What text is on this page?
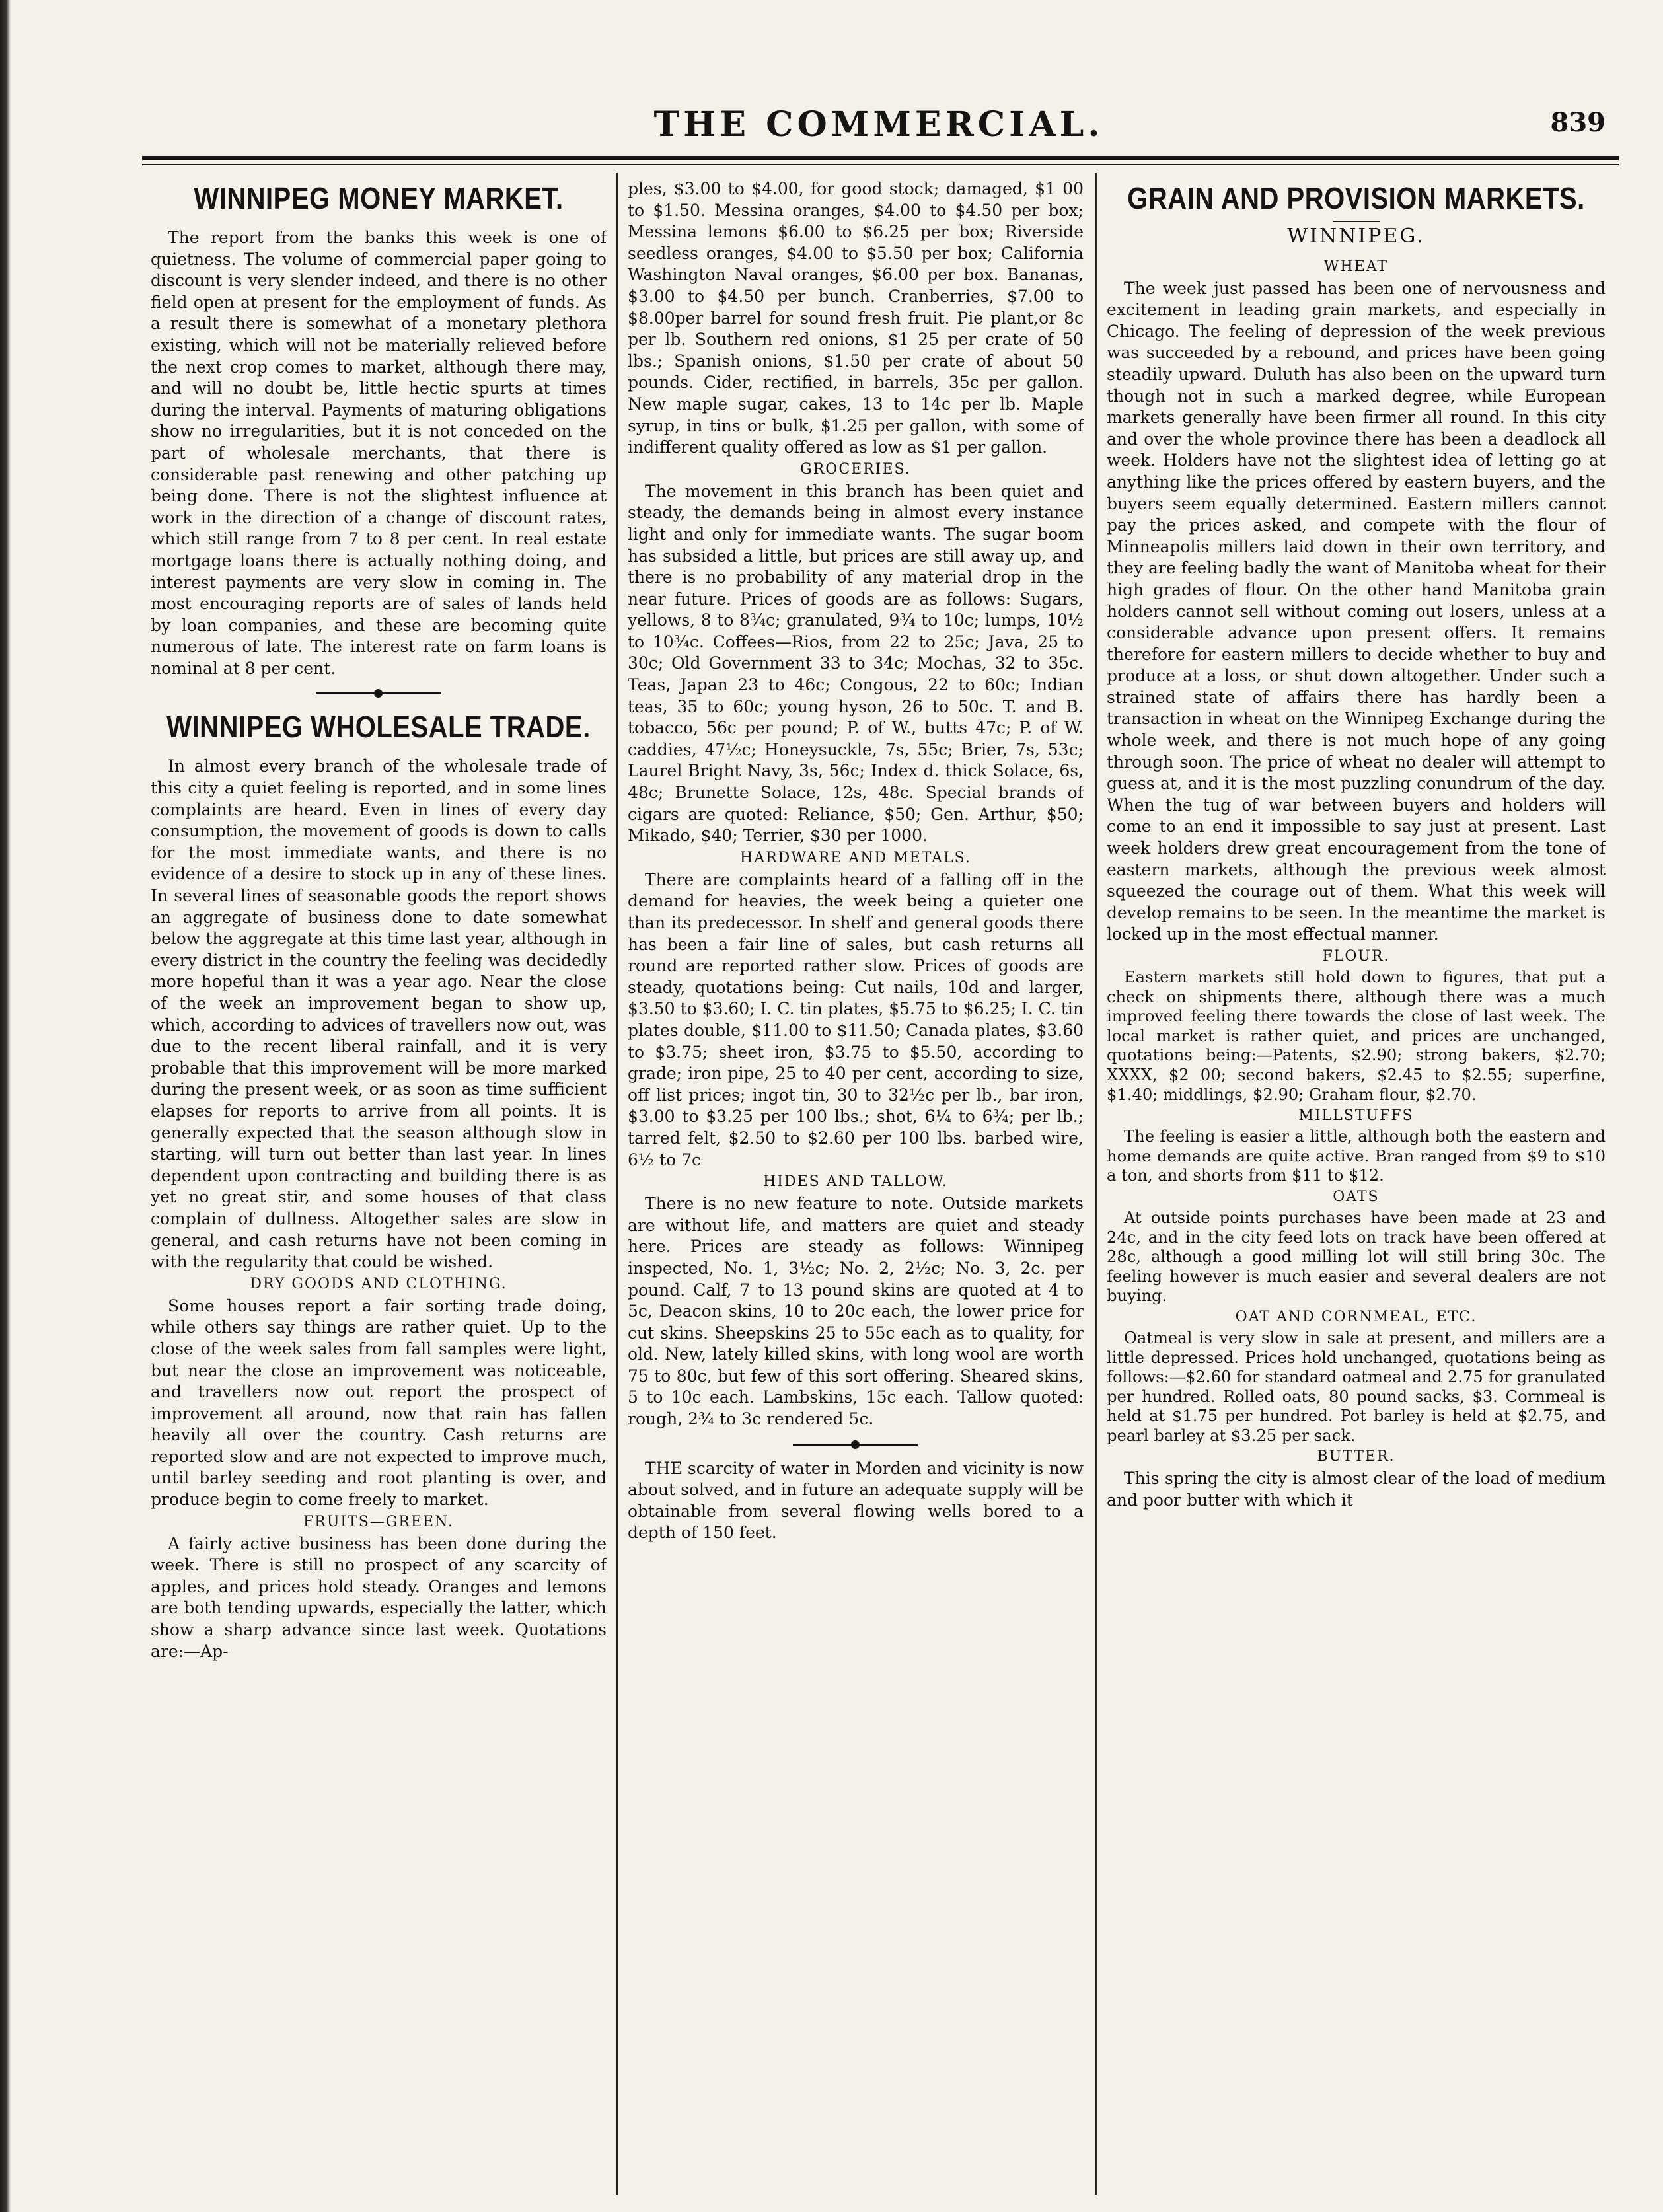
THE COMMERCIAL.	839
WINNIPEG MONEY MARKET.

The report from the banks this week is one of quietness. The volume of commercial paper going to discount is very slender indeed, and there is no other field open at present for the employment of funds. As a result there is somewhat of a monetary plethora existing, which will not be materially relieved before the next crop comes to market, although there may, and will no doubt be, little hectic spurts at times during the interval. Payments of maturing obligations show no irregularities, but it is not conceded on the part of wholesale merchants, that there is considerable past renewing and other patching up being done. There is not the slightest influence at work in the direction of a change of discount rates, which still range from 7 to 8 per cent. In real estate mortgage loans there is actually nothing doing, and interest payments are very slow in coming in. The most encouraging reports are of sales of lands held by loan companies, and these are becoming quite numerous of late. The interest rate on farm loans is nominal at 8 per cent.

WINNIPEG WHOLESALE TRADE.

In almost every branch of the wholesale trade of this city a quiet feeling is reported, and in some lines complaints are heard. Even in lines of every day consumption, the movement of goods is down to calls for the most immediate wants, and there is no evidence of a desire to stock up in any of these lines. In several lines of seasonable goods the report shows an aggregate of business done to date somewhat below the aggregate at this time last year, although in every district in the country the feeling was decidedly more hopeful than it was a year ago. Near the close of the week an improvement began to show up, which, according to advices of travellers now out, was due to the recent liberal rainfall, and it is very probable that this improvement will be more marked during the present week, or as soon as time sufficient elapses for reports to arrive from all points. It is generally expected that the season although slow in starting, will turn out better than last year. In lines dependent upon contracting and building there is as yet no great stir, and some houses of that class complain of dullness. Altogether sales are slow in general, and cash returns have not been coming in with the regularity that could be wished.

DRY GOODS AND CLOTHING.

Some houses report a fair sorting trade doing, while others say things are rather quiet. Up to the close of the week sales from fall samples were light, but near the close an improvement was noticeable, and travellers now out report the prospect of improvement all around, now that rain has fallen heavily all over the country. Cash returns are reported slow and are not expected to improve much, until barley seeding and root planting is over, and produce begin to come freely to market.

FRUITS—GREEN.

A fairly active business has been done during the week. There is still no prospect of any scarcity of apples, and prices hold steady. Oranges and lemons are both tending upwards, especially the latter, which show a sharp advance since last week. Quotations are:—Ap-

ples, $3.00 to $4.00, for good stock; damaged, $1 00 to $1.50. Messina oranges, $4.00 to $4.50 per box; Messina lemons $6.00 to $6.25 per box; Riverside seedless oranges, $4.00 to $5.50 per box; California Washington Naval oranges, $6.00 per box. Bananas, $3.00 to $4.50 per bunch. Cranberries, $7.00 to $8.00per barrel for sound fresh fruit. Pie plant,or 8c per lb. Southern red onions, $1 25 per crate of 50 lbs.; Spanish onions, $1.50 per crate of about 50 pounds. Cider, rectified, in barrels, 35c per gallon. New maple sugar, cakes, 13 to 14c per lb. Maple syrup, in tins or bulk, $1.25 per gallon, with some of indifferent quality offered as low as $1 per gallon.

GROCERIES.

The movement in this branch has been quiet and steady, the demands being in almost every instance light and only for immediate wants. The sugar boom has subsided a little, but prices are still away up, and there is no probability of any material drop in the near future. Prices of goods are as follows: Sugars, yellows, 8 to 8¾c; granulated, 9¾ to 10c; lumps, 10½ to 10¾c. Coffees—Rios, from 22 to 25c; Java, 25 to 30c; Old Government 33 to 34c; Mochas, 32 to 35c. Teas, Japan 23 to 46c; Congous, 22 to 60c; Indian teas, 35 to 60c; young hyson, 26 to 50c. T. and B. tobacco, 56c per pound; P. of W., butts 47c; P. of W. caddies, 47½c; Honeysuckle, 7s, 55c; Brier, 7s, 53c; Laurel Bright Navy, 3s, 56c; Index d. thick Solace, 6s, 48c; Brunette Solace, 12s, 48c. Special brands of cigars are quoted: Reliance, $50; Gen. Arthur, $50; Mikado, $40; Terrier, $30 per 1000.

HARDWARE AND METALS.

There are complaints heard of a falling off in the demand for heavies, the week being a quieter one than its predecessor. In shelf and general goods there has been a fair line of sales, but cash returns all round are reported rather slow. Prices of goods are steady, quotations being: Cut nails, 10d and larger, $3.50 to $3.60; I. C. tin plates, $5.75 to $6.25; I. C. tin plates double, $11.00 to $11.50; Canada plates, $3.60 to $3.75; sheet iron, $3.75 to $5.50, according to grade; iron pipe, 25 to 40 per cent, according to size, off list prices; ingot tin, 30 to 32½c per lb., bar iron, $3.00 to $3.25 per 100 lbs.; shot, 6¼ to 6¾; per lb.; tarred felt, $2.50 to $2.60 per 100 lbs. barbed wire, 6½ to 7c

HIDES AND TALLOW.

There is no new feature to note. Outside markets are without life, and matters are quiet and steady here. Prices are steady as follows: Winnipeg inspected, No. 1, 3½c; No. 2, 2½c; No. 3, 2c. per pound. Calf, 7 to 13 pound skins are quoted at 4 to 5c, Deacon skins, 10 to 20c each, the lower price for cut skins. Sheepskins 25 to 55c each as to quality, for old. New, lately killed skins, with long wool are worth 75 to 80c, but few of this sort offering. Sheared skins, 5 to 10c each. Lambskins, 15c each. Tallow quoted: rough, 2¾ to 3c rendered 5c.

THE scarcity of water in Morden and vicinity is now about solved, and in future an adequate supply will be obtainable from several flowing wells bored to a depth of 150 feet.

GRAIN AND PROVISION MARKETS.
WINNIPEG.
WHEAT

The week just passed has been one of nervousness and excitement in leading grain markets, and especially in Chicago. The feeling of depression of the week previous was succeeded by a rebound, and prices have been going steadily upward. Duluth has also been on the upward turn though not in such a marked degree, while European markets generally have been firmer all round. In this city and over the whole province there has been a deadlock all week. Holders have not the slightest idea of letting go at anything like the prices offered by eastern buyers, and the buyers seem equally determined. Eastern millers cannot pay the prices asked, and compete with the flour of Minneapolis millers laid down in their own territory, and they are feeling badly the want of Manitoba wheat for their high grades of flour. On the other hand Manitoba grain holders cannot sell without coming out losers, unless at a considerable advance upon present offers. It remains therefore for eastern millers to decide whether to buy and produce at a loss, or shut down altogether. Under such a strained state of affairs there has hardly been a transaction in wheat on the Winnipeg Exchange during the whole week, and there is not much hope of any going through soon. The price of wheat no dealer will attempt to guess at, and it is the most puzzling conundrum of the day. When the tug of war between buyers and holders will come to an end it impossible to say just at present. Last week holders drew great encouragement from the tone of eastern markets, although the previous week almost squeezed the courage out of them. What this week will develop remains to be seen. In the meantime the market is locked up in the most effectual manner.

FLOUR.

Eastern markets still hold down to figures, that put a check on shipments there, although there was a much improved feeling there towards the close of last week. The local market is rather quiet, and prices are unchanged, quotations being:—Patents, $2.90; strong bakers, $2.70; XXXX, $2 00; second bakers, $2.45 to $2.55; superfine, $1.40; middlings, $2.90; Graham flour, $2.70.

MILLSTUFFS

The feeling is easier a little, although both the eastern and home demands are quite active. Bran ranged from $9 to $10 a ton, and shorts from $11 to $12.

OATS

At outside points purchases have been made at 23 and 24c, and in the city feed lots on track have been offered at 28c, although a good milling lot will still bring 30c. The feeling however is much easier and several dealers are not buying.

OAT AND CORNMEAL, ETC.

Oatmeal is very slow in sale at present, and millers are a little depressed. Prices hold unchanged, quotations being as follows:—$2.60 for standard oatmeal and 2.75 for granulated per hundred. Rolled oats, 80 pound sacks, $3. Cornmeal is held at $1.75 per hundred. Pot barley is held at $2.75, and pearl barley at $3.25 per sack.

BUTTER.

This spring the city is almost clear of the load of medium and poor butter with which it
